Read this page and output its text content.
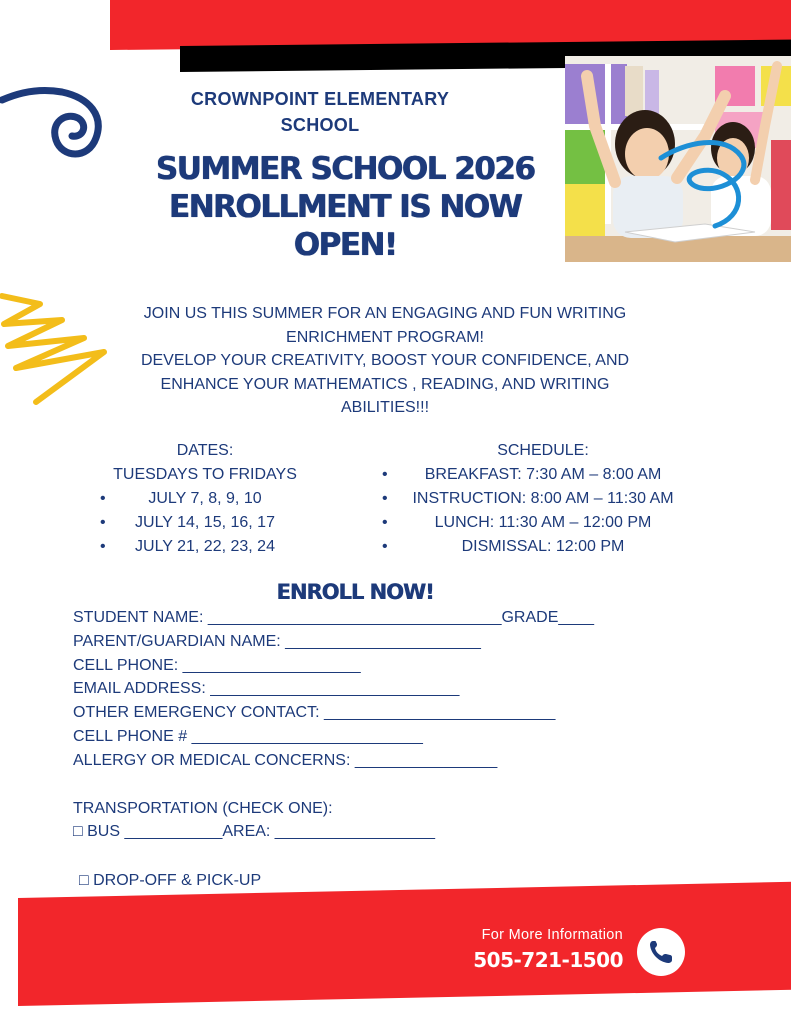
CROWNPOINT ELEMENTARY
SCHOOL
SUMMER SCHOOL 2026
ENROLLMENT IS NOW
OPEN!
JOIN US THIS SUMMER FOR AN ENGAGING AND FUN WRITING
ENRICHMENT PROGRAM!
DEVELOP YOUR CREATIVITY, BOOST YOUR CONFIDENCE, AND
ENHANCE YOUR MATHEMATICS , READING, AND WRITING
ABILITIES!!!
DATES:
TUESDAYS TO FRIDAYS
•	JULY 7, 8, 9, 10
• JULY 14, 15, 16, 17
• JULY 21, 22, 23, 24
SCHEDULE:
• BREAKFAST: 7:30 AM – 8:00 AM
• INSTRUCTION: 8:00 AM – 11:30 AM
•	LUNCH: 11:30 AM – 12:00 PM
•	DISMISSAL: 12:00 PM
ENROLL NOW!
STUDENT NAME: _________________________________GRADE____
PARENT/GUARDIAN NAME: ______________________
CELL PHONE: ____________________
EMAIL ADDRESS: ____________________________
OTHER EMERGENCY CONTACT: __________________________
CELL PHONE # __________________________
ALLERGY OR MEDICAL CONCERNS: ________________
TRANSPORTATION (CHECK ONE):
□ BUS ___________AREA: __________________
□ DROP-OFF & PICK-UP
For More Information
505-721-1500
